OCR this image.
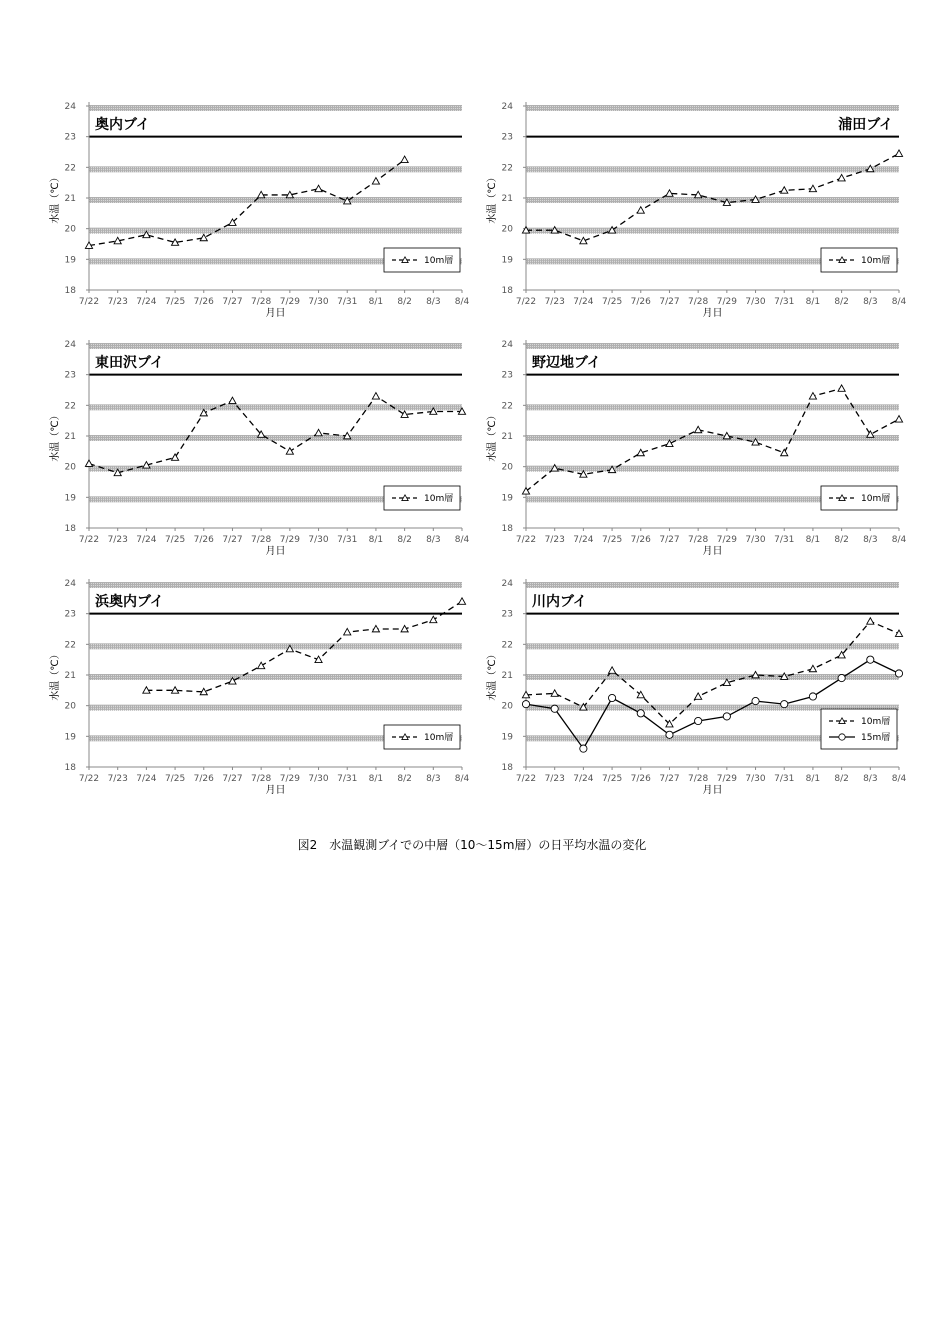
18
19
20
21
22
23
24
7/22 7/23 7/24 7/25 7/26 7/27 7/28 7/29 7/30 7/31 8/1 8/2 8/3 8/4
月日
水温（℃）
奥内ブイ
10m層
18
19
20
21
22
23
24
7/22 7/23 7/24 7/25 7/26 7/27 7/28 7/29 7/30 7/31 8/1 8/2 8/3 8/4
月日
水温（℃）
浦田ブイ
10m層
18
19
20
21
22
23
24
7/22 7/23 7/24 7/25 7/26 7/27 7/28 7/29 7/30 7/31 8/1 8/2 8/3 8/4
月日
水温（℃）
東田沢ブイ
10m層
18
19
20
21
22
23
24
7/22 7/23 7/24 7/25 7/26 7/27 7/28 7/29 7/30 7/31 8/1 8/2 8/3 8/4
月日
水温（℃）
野辺地ブイ
10m層
18
19
20
21
22
23
24
7/22 7/23 7/24 7/25 7/26 7/27 7/28 7/29 7/30 7/31 8/1 8/2 8/3 8/4
月日
水温（℃）
浜奥内ブイ
10m層
18
19
20
21
22
23
24
7/22 7/23 7/24 7/25 7/26 7/27 7/28 7/29 7/30 7/31 8/1 8/2 8/3 8/4
月日
水温（℃）
川内ブイ
10m層
15m層
図2　水温観測ブイでの中層（10～15m層）の日平均水温の変化
